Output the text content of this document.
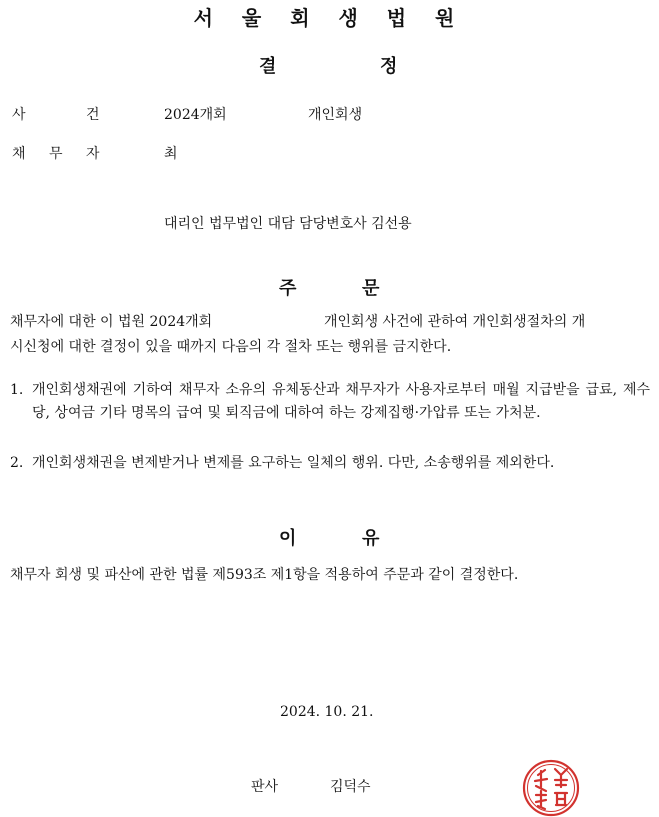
서 울 회 생 법 원
결	정
사	건	2024개회	개인회생
채 무 자	최
대리인 법무법인 대담 담당변호사 김선용
주	문
채무자에 대한 이 법원 2024개회	개인회생 사건에 관하여 개인회생절차의 개
시신청에 대한 결정이 있을 때까지 다음의 각 절차 또는 행위를 금지한다.
1. 개인회생채권에 기하여 채무자 소유의 유체동산과 채무자가 사용자로부터 매월 지급받을 급료, 제수당, 상여금 기타 명목의 급여 및 퇴직금에 대하여 하는 강제집행·가압류 또는 가처분.
2. 개인회생채권을 변제받거나 변제를 요구하는 일체의 행위. 다만, 소송행위를 제외한다.
이	유
채무자 회생 및 파산에 관한 법률 제593조 제1항을 적용하여 주문과 같이 결정한다.
2024. 10. 21.
판사	김덕수
